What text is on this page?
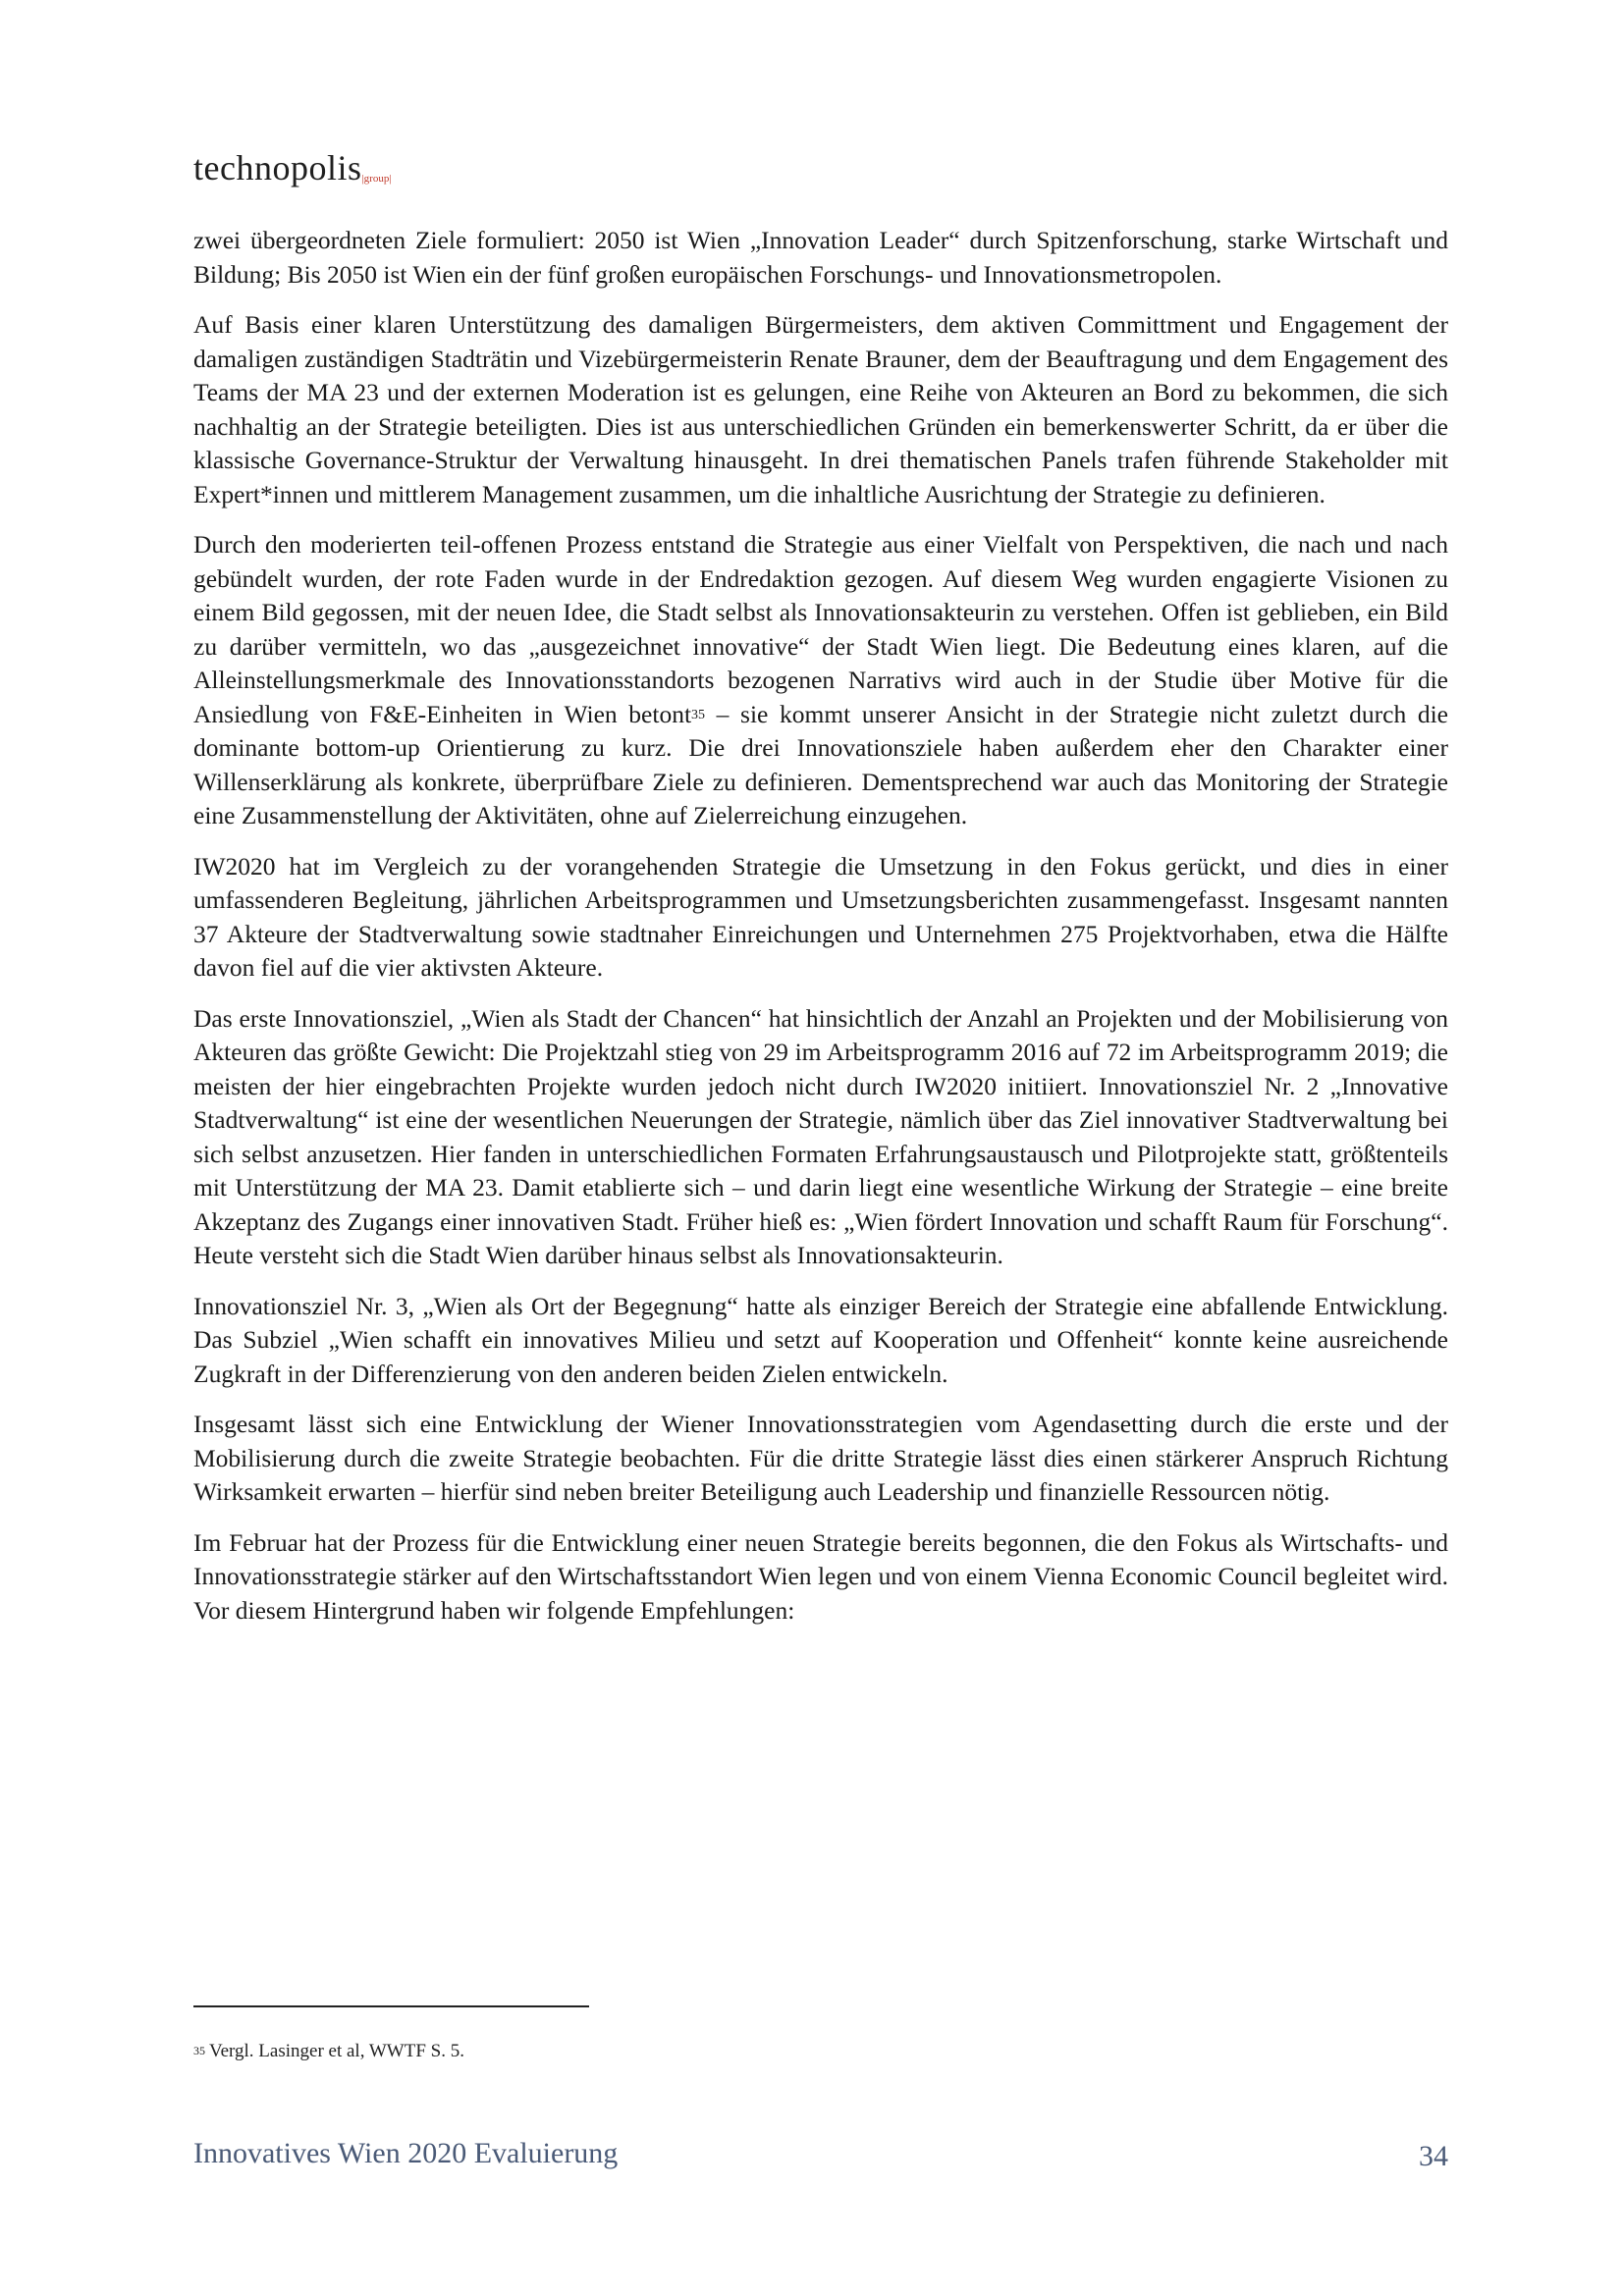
technopolis|group|

zwei übergeordneten Ziele formuliert: 2050 ist Wien „Innovation Leader“ durch Spitzenforschung, starke Wirtschaft und Bildung; Bis 2050 ist Wien ein der fünf großen europäischen Forschungs- und Innovationsmetropolen.

Auf Basis einer klaren Unterstützung des damaligen Bürgermeisters, dem aktiven Committment und Engagement der damaligen zuständigen Stadträtin und Vizebürgermeisterin Renate Brauner, dem der Beauftragung und dem Engagement des Teams der MA 23 und der externen Moderation ist es gelungen, eine Reihe von Akteuren an Bord zu bekommen, die sich nachhaltig an der Strategie beteiligten. Dies ist aus unterschiedlichen Gründen ein bemerkenswerter Schritt, da er über die klassische Governance-Struktur der Verwaltung hinausgeht. In drei thematischen Panels trafen führende Stakeholder mit Expert*innen und mittlerem Management zusammen, um die inhaltliche Ausrichtung der Strategie zu definieren.

Durch den moderierten teil-offenen Prozess entstand die Strategie aus einer Vielfalt von Perspektiven, die nach und nach gebündelt wurden, der rote Faden wurde in der Endredaktion gezogen. Auf diesem Weg wurden engagierte Visionen zu einem Bild gegossen, mit der neuen Idee, die Stadt selbst als Innovationsakteurin zu verstehen. Offen ist geblieben, ein Bild zu darüber vermitteln, wo das „ausgezeichnet innovative“ der Stadt Wien liegt. Die Bedeutung eines klaren, auf die Alleinstellungsmerkmale des Innovationsstandorts bezogenen Narrativs wird auch in der Studie über Motive für die Ansiedlung von F&E-Einheiten in Wien betont$^{35}$ – sie kommt unserer Ansicht in der Strategie nicht zuletzt durch die dominante bottom-up Orientierung zu kurz. Die drei Innovationsziele haben außerdem eher den Charakter einer Willenserklärung als konkrete, überprüfbare Ziele zu definieren. Dementsprechend war auch das Monitoring der Strategie eine Zusammenstellung der Aktivitäten, ohne auf Zielerreichung einzugehen.

IW2020 hat im Vergleich zu der vorangehenden Strategie die Umsetzung in den Fokus gerückt, und dies in einer umfassenderen Begleitung, jährlichen Arbeitsprogrammen und Umsetzungsberichten zusammengefasst. Insgesamt nannten 37 Akteure der Stadtverwaltung sowie stadtnaher Einreichungen und Unternehmen 275 Projektvorhaben, etwa die Hälfte davon fiel auf die vier aktivsten Akteure.

Das erste Innovationsziel, „Wien als Stadt der Chancen“ hat hinsichtlich der Anzahl an Projekten und der Mobilisierung von Akteuren das größte Gewicht: Die Projektzahl stieg von 29 im Arbeitsprogramm 2016 auf 72 im Arbeitsprogramm 2019; die meisten der hier eingebrachten Projekte wurden jedoch nicht durch IW2020 initiiert. Innovationsziel Nr. 2 „Innovative Stadtverwaltung“ ist eine der wesentlichen Neuerungen der Strategie, nämlich über das Ziel innovativer Stadtverwaltung bei sich selbst anzusetzen. Hier fanden in unterschiedlichen Formaten Erfahrungsaustausch und Pilotprojekte statt, größtenteils mit Unterstützung der MA 23. Damit etablierte sich – und darin liegt eine wesentliche Wirkung der Strategie – eine breite Akzeptanz des Zugangs einer innovativen Stadt. Früher hieß es: „Wien fördert Innovation und schafft Raum für Forschung“. Heute versteht sich die Stadt Wien darüber hinaus selbst als Innovationsakteurin.

Innovationsziel Nr. 3, „Wien als Ort der Begegnung“ hatte als einziger Bereich der Strategie eine abfallende Entwicklung. Das Subziel „Wien schafft ein innovatives Milieu und setzt auf Kooperation und Offenheit“ konnte keine ausreichende Zugkraft in der Differenzierung von den anderen beiden Zielen entwickeln.

Insgesamt lässt sich eine Entwicklung der Wiener Innovationsstrategien vom Agendasetting durch die erste und der Mobilisierung durch die zweite Strategie beobachten. Für die dritte Strategie lässt dies einen stärkerer Anspruch Richtung Wirksamkeit erwarten – hierfür sind neben breiter Beteiligung auch Leadership und finanzielle Ressourcen nötig.

Im Februar hat der Prozess für die Entwicklung einer neuen Strategie bereits begonnen, die den Fokus als Wirtschafts- und Innovationsstrategie stärker auf den Wirtschaftsstandort Wien legen und von einem Vienna Economic Council begleitet wird. Vor diesem Hintergrund haben wir folgende Empfehlungen:

35 Vergl. Lasinger et al, WWTF S. 5.
Innovatives Wien 2020 Evaluierung	34
